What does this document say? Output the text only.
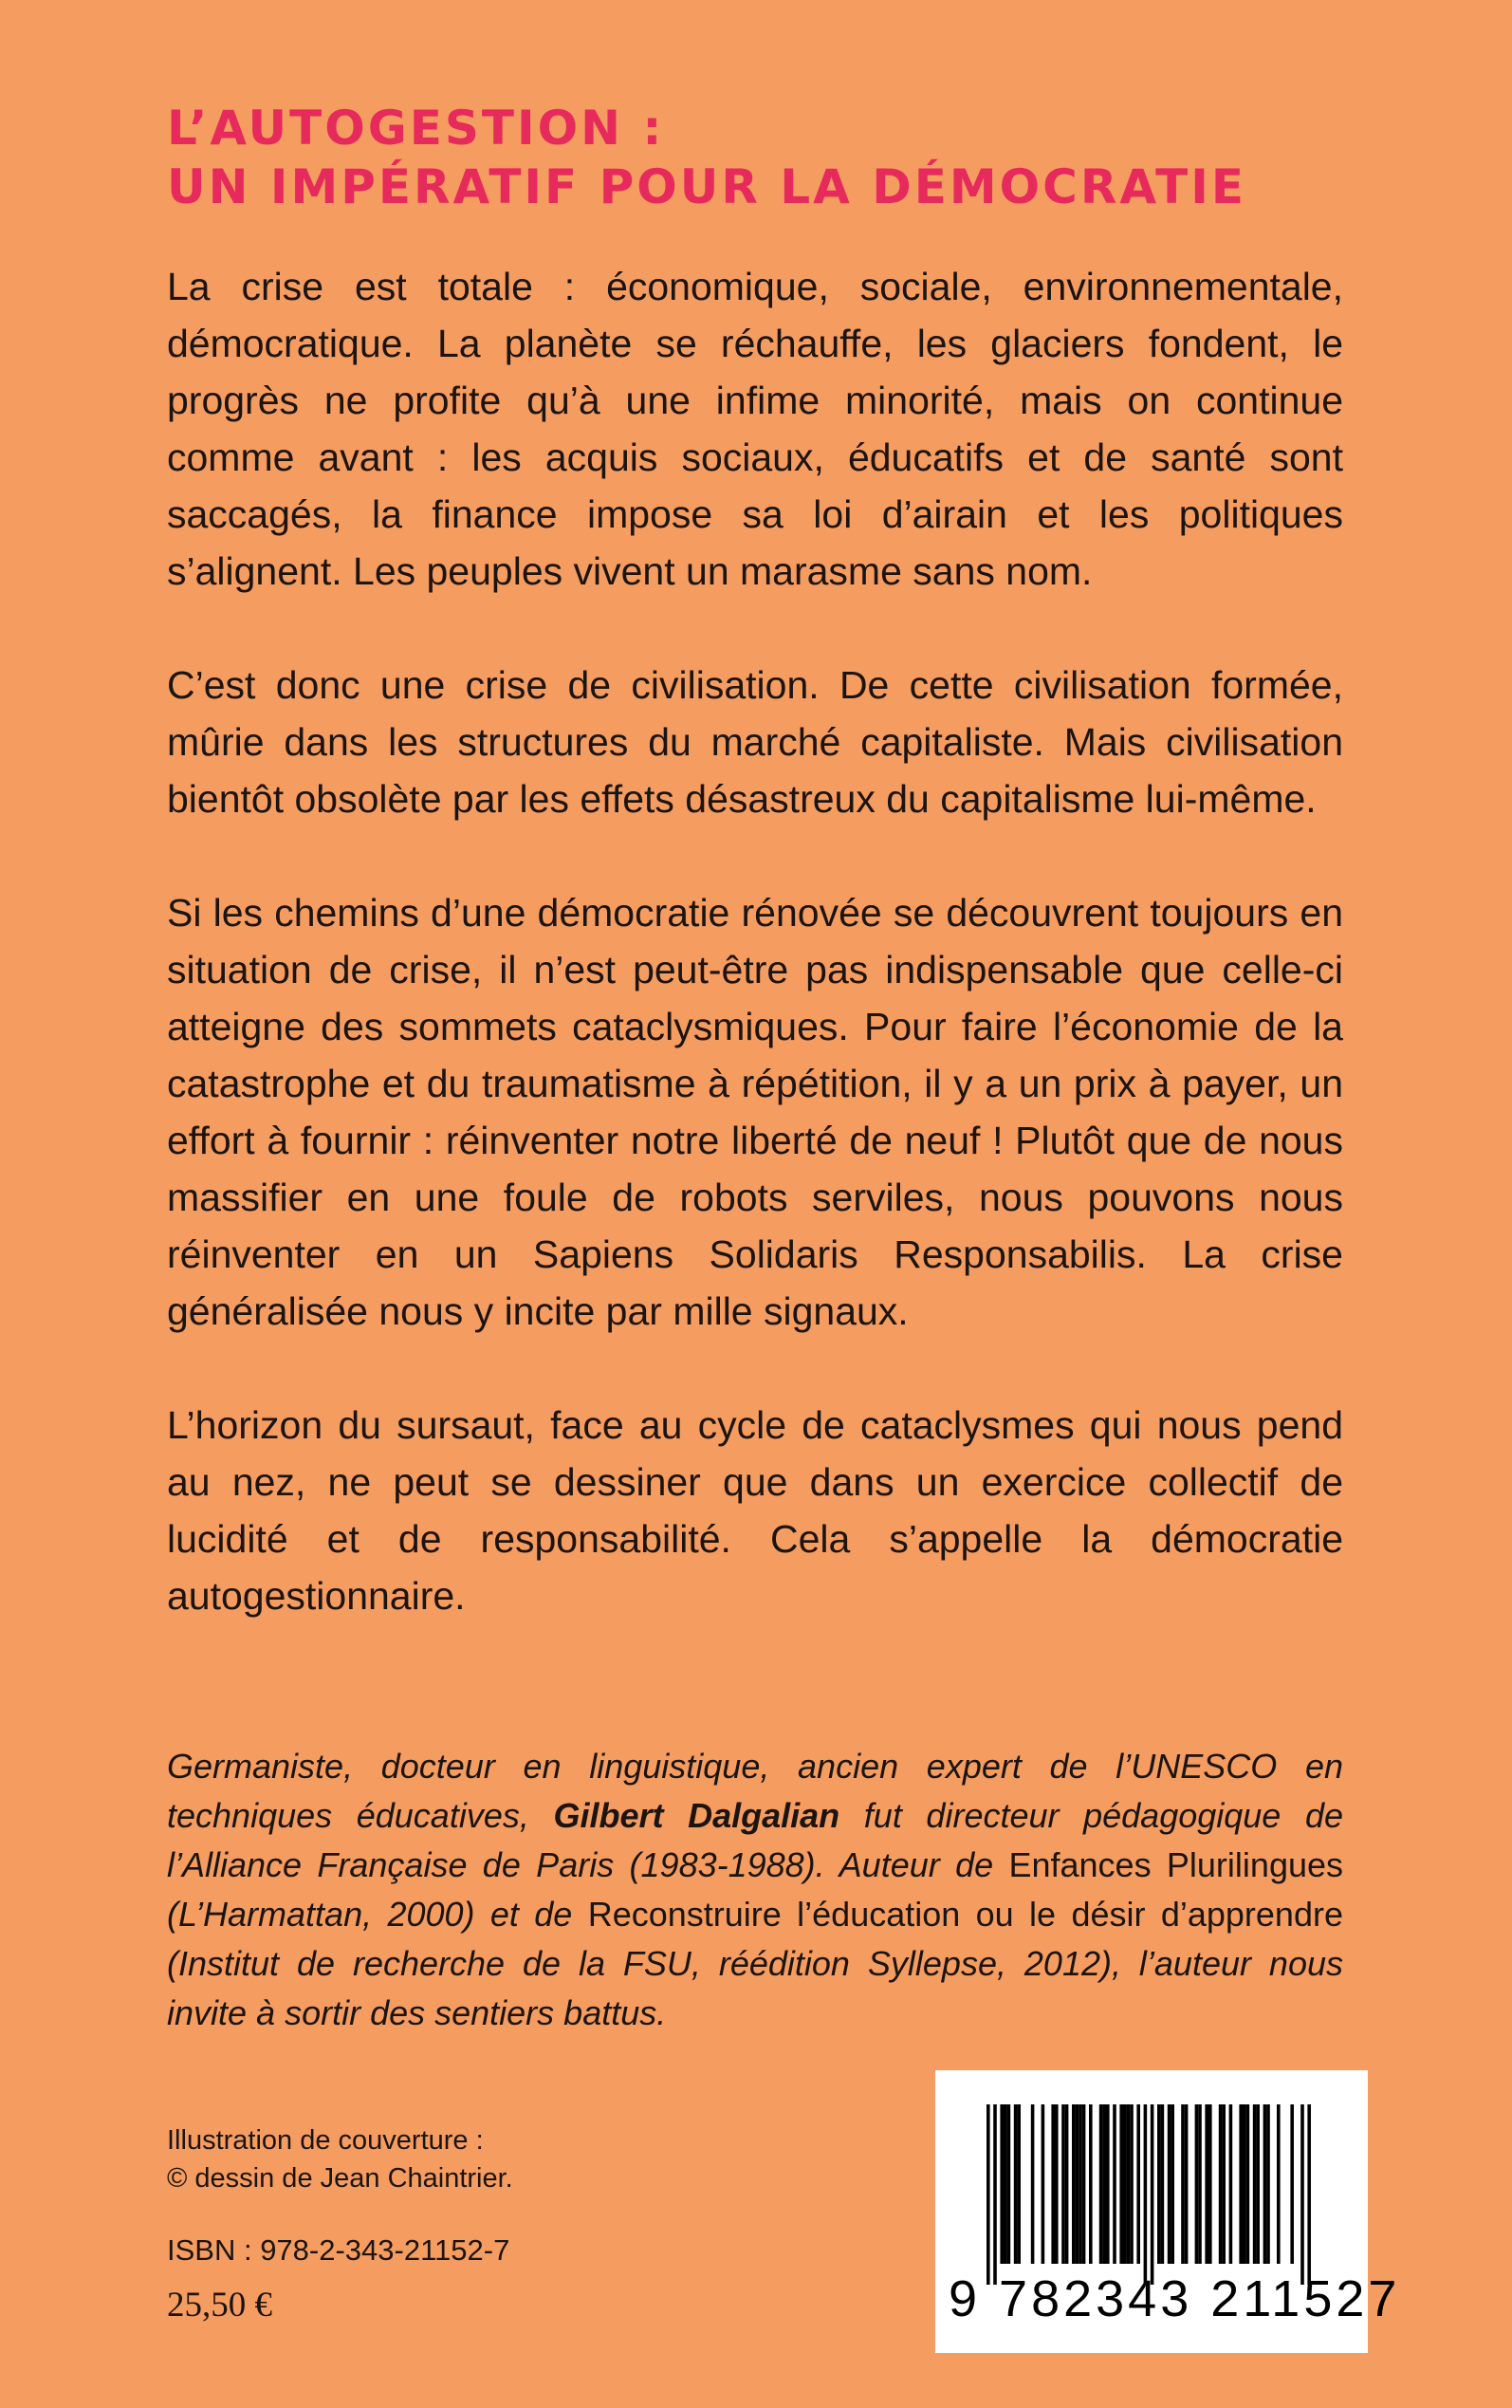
L’AUTOGESTION :
UN IMPÉRATIF POUR LA DÉMOCRATIE

La crise est totale : économique, sociale, environnementale, démocratique. La planète se réchauffe, les glaciers fondent, le progrès ne profite qu’à une infime minorité, mais on continue comme avant : les acquis sociaux, éducatifs et de santé sont saccagés, la finance impose sa loi d’airain et les politiques s’alignent. Les peuples vivent un marasme sans nom.

C’est donc une crise de civilisation. De cette civilisation formée, mûrie dans les structures du marché capitaliste. Mais civilisation bientôt obsolète par les effets désastreux du capitalisme lui-même.

Si les chemins d’une démocratie rénovée se découvrent toujours en situation de crise, il n’est peut-être pas indispensable que celle-ci atteigne des sommets cataclysmiques. Pour faire l’économie de la catastrophe et du traumatisme à répétition, il y a un prix à payer, un effort à fournir : réinventer notre liberté de neuf ! Plutôt que de nous massifier en une foule de robots serviles, nous pouvons nous réinventer en un Sapiens Solidaris Responsabilis. La crise généralisée nous y incite par mille signaux.

L’horizon du sursaut, face au cycle de cataclysmes qui nous pend au nez, ne peut se dessiner que dans un exercice collectif de lucidité et de responsabilité. Cela s’appelle la démocratie autogestionnaire.

Germaniste, docteur en linguistique, ancien expert de l’UNESCO en techniques éducatives, Gilbert Dalgalian fut directeur pédagogique de l’Alliance Française de Paris (1983-1988). Auteur de Enfances Plurilingues (L’Harmattan, 2000) et de Reconstruire l’éducation ou le désir d’apprendre (Institut de recherche de la FSU, réédition Syllepse, 2012), l’auteur nous invite à sortir des sentiers battus.
Illustration de couverture :
© dessin de Jean Chaintrier.
ISBN : 978-2-343-21152-7
25,50 €	9 782343 211527
